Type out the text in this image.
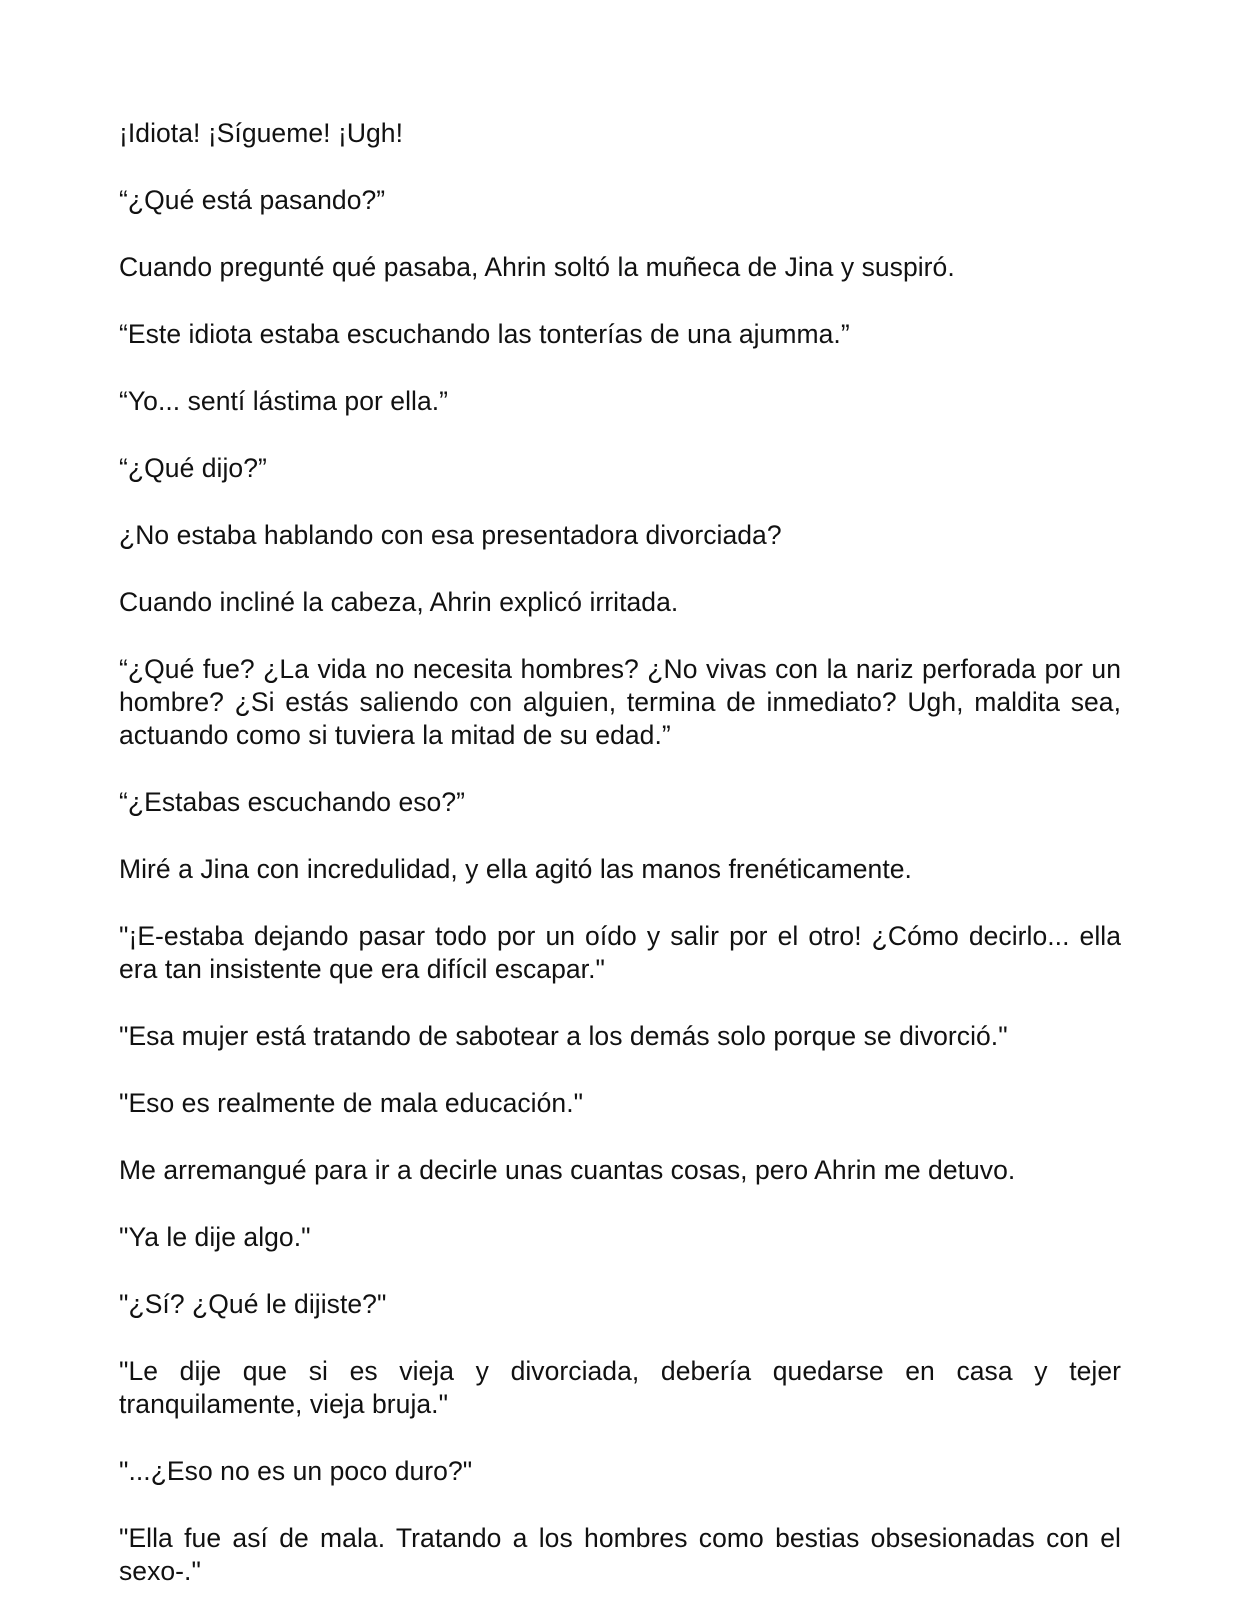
¡Idiota! ¡Sígueme! ¡Ugh!

“¿Qué está pasando?”

Cuando pregunté qué pasaba, Ahrin soltó la muñeca de Jina y suspiró.

“Este idiota estaba escuchando las tonterías de una ajumma.”

“Yo... sentí lástima por ella.”

“¿Qué dijo?”

¿No estaba hablando con esa presentadora divorciada?

Cuando incliné la cabeza, Ahrin explicó irritada.

“¿Qué fue? ¿La vida no necesita hombres? ¿No vivas con la nariz perforada por un hombre? ¿Si estás saliendo con alguien, termina de inmediato? Ugh, maldita sea, actuando como si tuviera la mitad de su edad.”

“¿Estabas escuchando eso?”

Miré a Jina con incredulidad, y ella agitó las manos frenéticamente.

"¡E-estaba dejando pasar todo por un oído y salir por el otro! ¿Cómo decirlo... ella era tan insistente que era difícil escapar."

"Esa mujer está tratando de sabotear a los demás solo porque se divorció."

"Eso es realmente de mala educación."

Me arremangué para ir a decirle unas cuantas cosas, pero Ahrin me detuvo.

"Ya le dije algo."

"¿Sí? ¿Qué le dijiste?"

"Le dije que si es vieja y divorciada, debería quedarse en casa y tejer tranquilamente, vieja bruja."

"...¿Eso no es un poco duro?"

"Ella fue así de mala. Tratando a los hombres como bestias obsesionadas con el sexo-."
